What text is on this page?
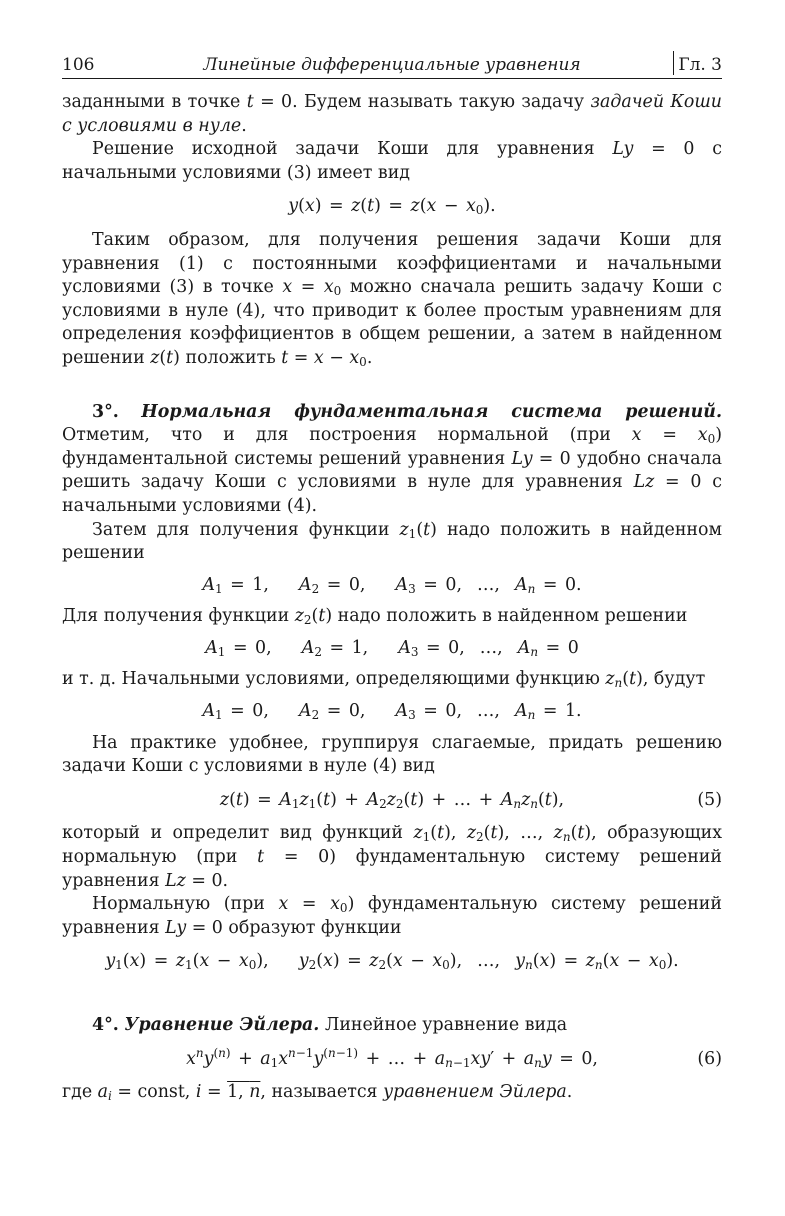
106	Линейные дифференциальные уравнения	Гл. 3

заданными в точке t = 0. Будем называть такую задачу задачей Коши с условиями в нуле.

Решение исходной задачи Коши для уравнения Ly = 0 с начальными условиями (3) имеет вид

$y(x) = z(t) = z(x - x_0)$.

Таким образом, для получения решения задачи Коши для уравнения (1) с постоянными коэффициентами и начальными условиями (3) в точке $x = x_0$ можно сначала решить задачу Коши с условиями в нуле (4), что приводит к более простым уравнениям для определения коэффициентов в общем решении, а затем в найденном решении z(t) положить $t = x - x_0$.

3°. Нормальная фундаментальная система решений. Отметим, что и для построения нормальной (при $x = x_0$) фундаментальной системы решений уравнения Ly = 0 удобно сначала решить задачу Коши с условиями в нуле для уравнения Lz = 0 с начальными условиями (4).

Затем для получения функции $z_1(t)$ надо положить в найденном решении

$A_1 = 1$,    $A_2 = 0$,    $A_3 = 0$,  …,  $A_n = 0$.

Для получения функции $z_2(t)$ надо положить в найденном решении

$A_1 = 0$,    $A_2 = 1$,    $A_3 = 0$,  …,  $A_n = 0$

и т. д. Начальными условиями, определяющими функцию $z_n(t)$, будут

$A_1 = 0$,    $A_2 = 0$,    $A_3 = 0$,  …,  $A_n = 1$.

На практике удобнее, группируя слагаемые, придать решению задачи Коши с условиями в нуле (4) вид

$z(t) = A_1z_1(t) + A_2z_2(t)$ + … + $A_nz_n(t)$,	(5)

который и определит вид функций $z_1(t)$, $z_2(t)$, …, $z_n(t)$, образующих нормальную (при t = 0) фундаментальную систему решений уравнения Lz = 0.

Нормальную (при $x = x_0$) фундаментальную систему решений уравнения Ly = 0 образуют функции

$y_1(x) = z_1(x - x_0)$,    $y_2(x) = z_2(x - x_0)$,  …,  $y_n(x) = z_n(x - x_0)$.

4°. Уравнение Эйлера. Линейное уравнение вида

$x^ny^{(n)} + a_1x^{n-1}y^{(n-1)}$ + … + $a_{n-1}xy' + a_ny = 0$,	(6)

где $a_i$ = const, i = 1, n, называется уравнением Эйлера.
